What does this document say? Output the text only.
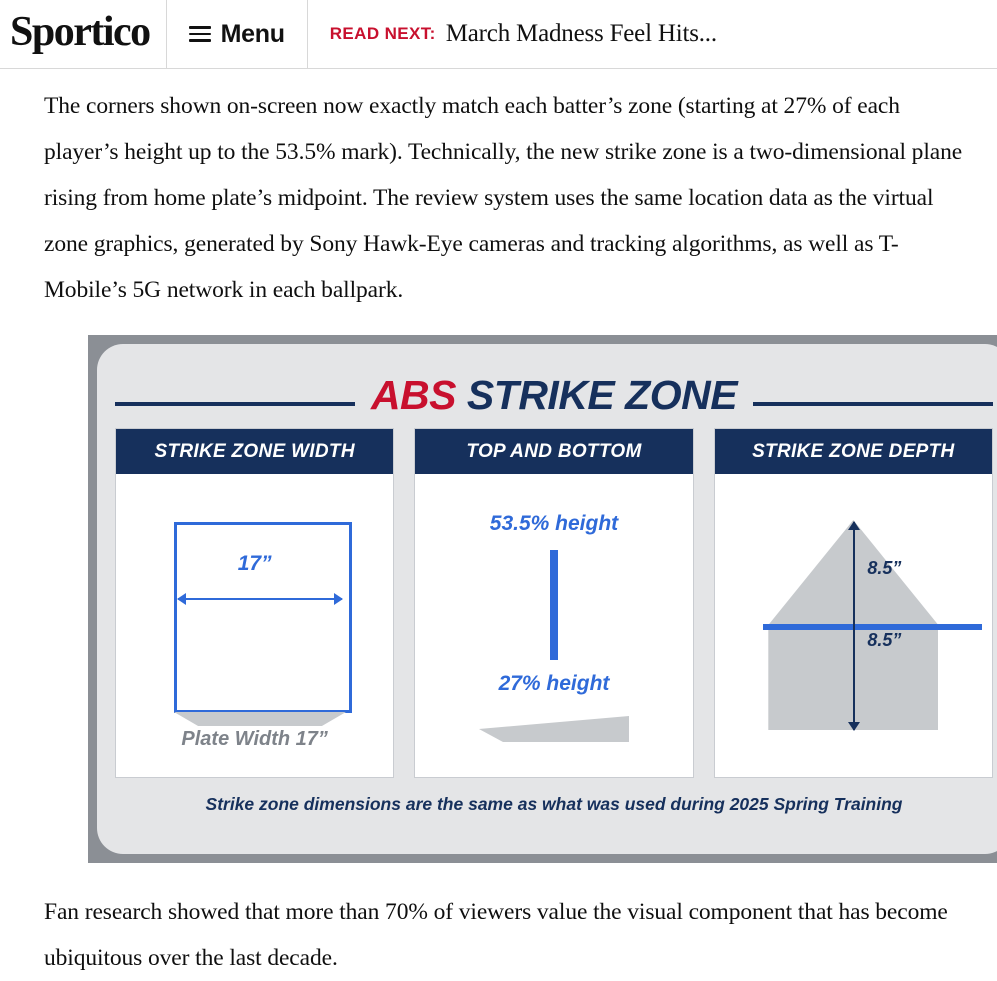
Sportico	Menu	READ NEXT: March Madness Feel Hits...

The corners shown on-screen now exactly match each batter’s zone (starting at 27% of each player’s height up to the 53.5% mark). Technically, the new strike zone is a two-dimensional plane rising from home plate’s midpoint. The review system uses the same location data as the virtual zone graphics, generated by Sony Hawk-Eye cameras and tracking algorithms, as well as T-Mobile’s 5G network in each ballpark.

ABS STRIKE ZONE
STRIKE ZONE WIDTH
17”
Plate Width 17”
TOP AND BOTTOM
53.5% height
27% height
STRIKE ZONE DEPTH
8.5”
8.5”
Strike zone dimensions are the same as what was used during 2025 Spring Training

Fan research showed that more than 70% of viewers value the visual component that has become ubiquitous over the last decade.
